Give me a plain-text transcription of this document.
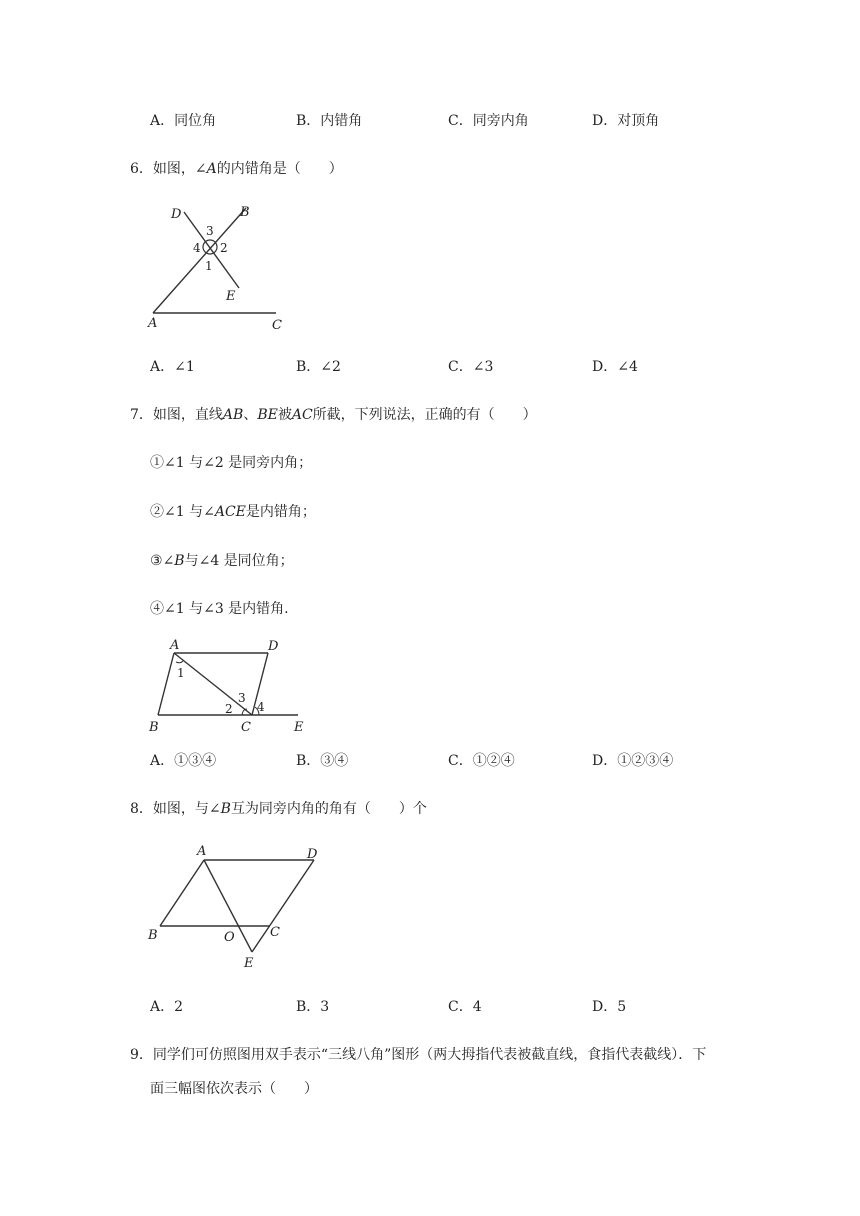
A．同位角	B．内错角	C．同旁内角	D．对顶角
6．如图，∠A的内错角是（　　）
D	B
A	C
E
1
2
3
4
A．∠1	B．∠2	C．∠3	D．∠4
7．如图，直线AB、BE被AC所截，下列说法，正确的有（　　）
①∠1 与∠2 是同旁内角；
②∠1 与∠ACE是内错角；
③∠B与∠4 是同位角；
④∠1 与∠3 是内错角.
A	D
B	C	E
1
2
3
4
A．①③④	B．③④	C．①②④	D．①②③④
8．如图，与∠B互为同旁内角的角有（　　）个
A	D
B	O	C
E
A．2	B．3	C．4	D．5
9．同学们可仿照图用双手表示“三线八角”图形（两大拇指代表被截直线，食指代表截线）．下
面三幅图依次表示（　　）
